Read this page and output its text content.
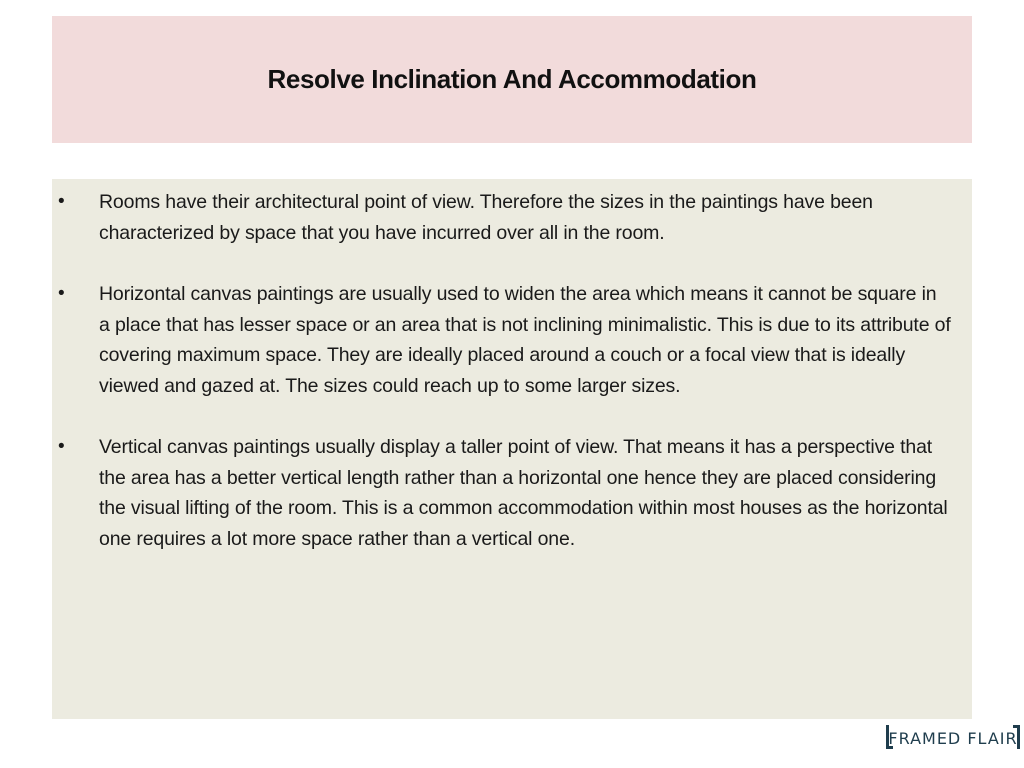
Resolve Inclination And Accommodation
• Rooms have their architectural point of view. Therefore the sizes in the paintings have been characterized by space that you have incurred over all in the room.
• Horizontal canvas paintings are usually used to widen the area which means it cannot be square in a place that has lesser space or an area that is not inclining minimalistic. This is due to its attribute of covering maximum space. They are ideally placed around a couch or a focal view that is ideally viewed and gazed at. The sizes could reach up to some larger sizes.
• Vertical canvas paintings usually display a taller point of view. That means it has a perspective that the area has a better vertical length rather than a horizontal one hence they are placed considering the visual lifting of the room. This is a common accommodation within most houses as the horizontal one requires a lot more space rather than a vertical one.
FRAMED FLAIR
